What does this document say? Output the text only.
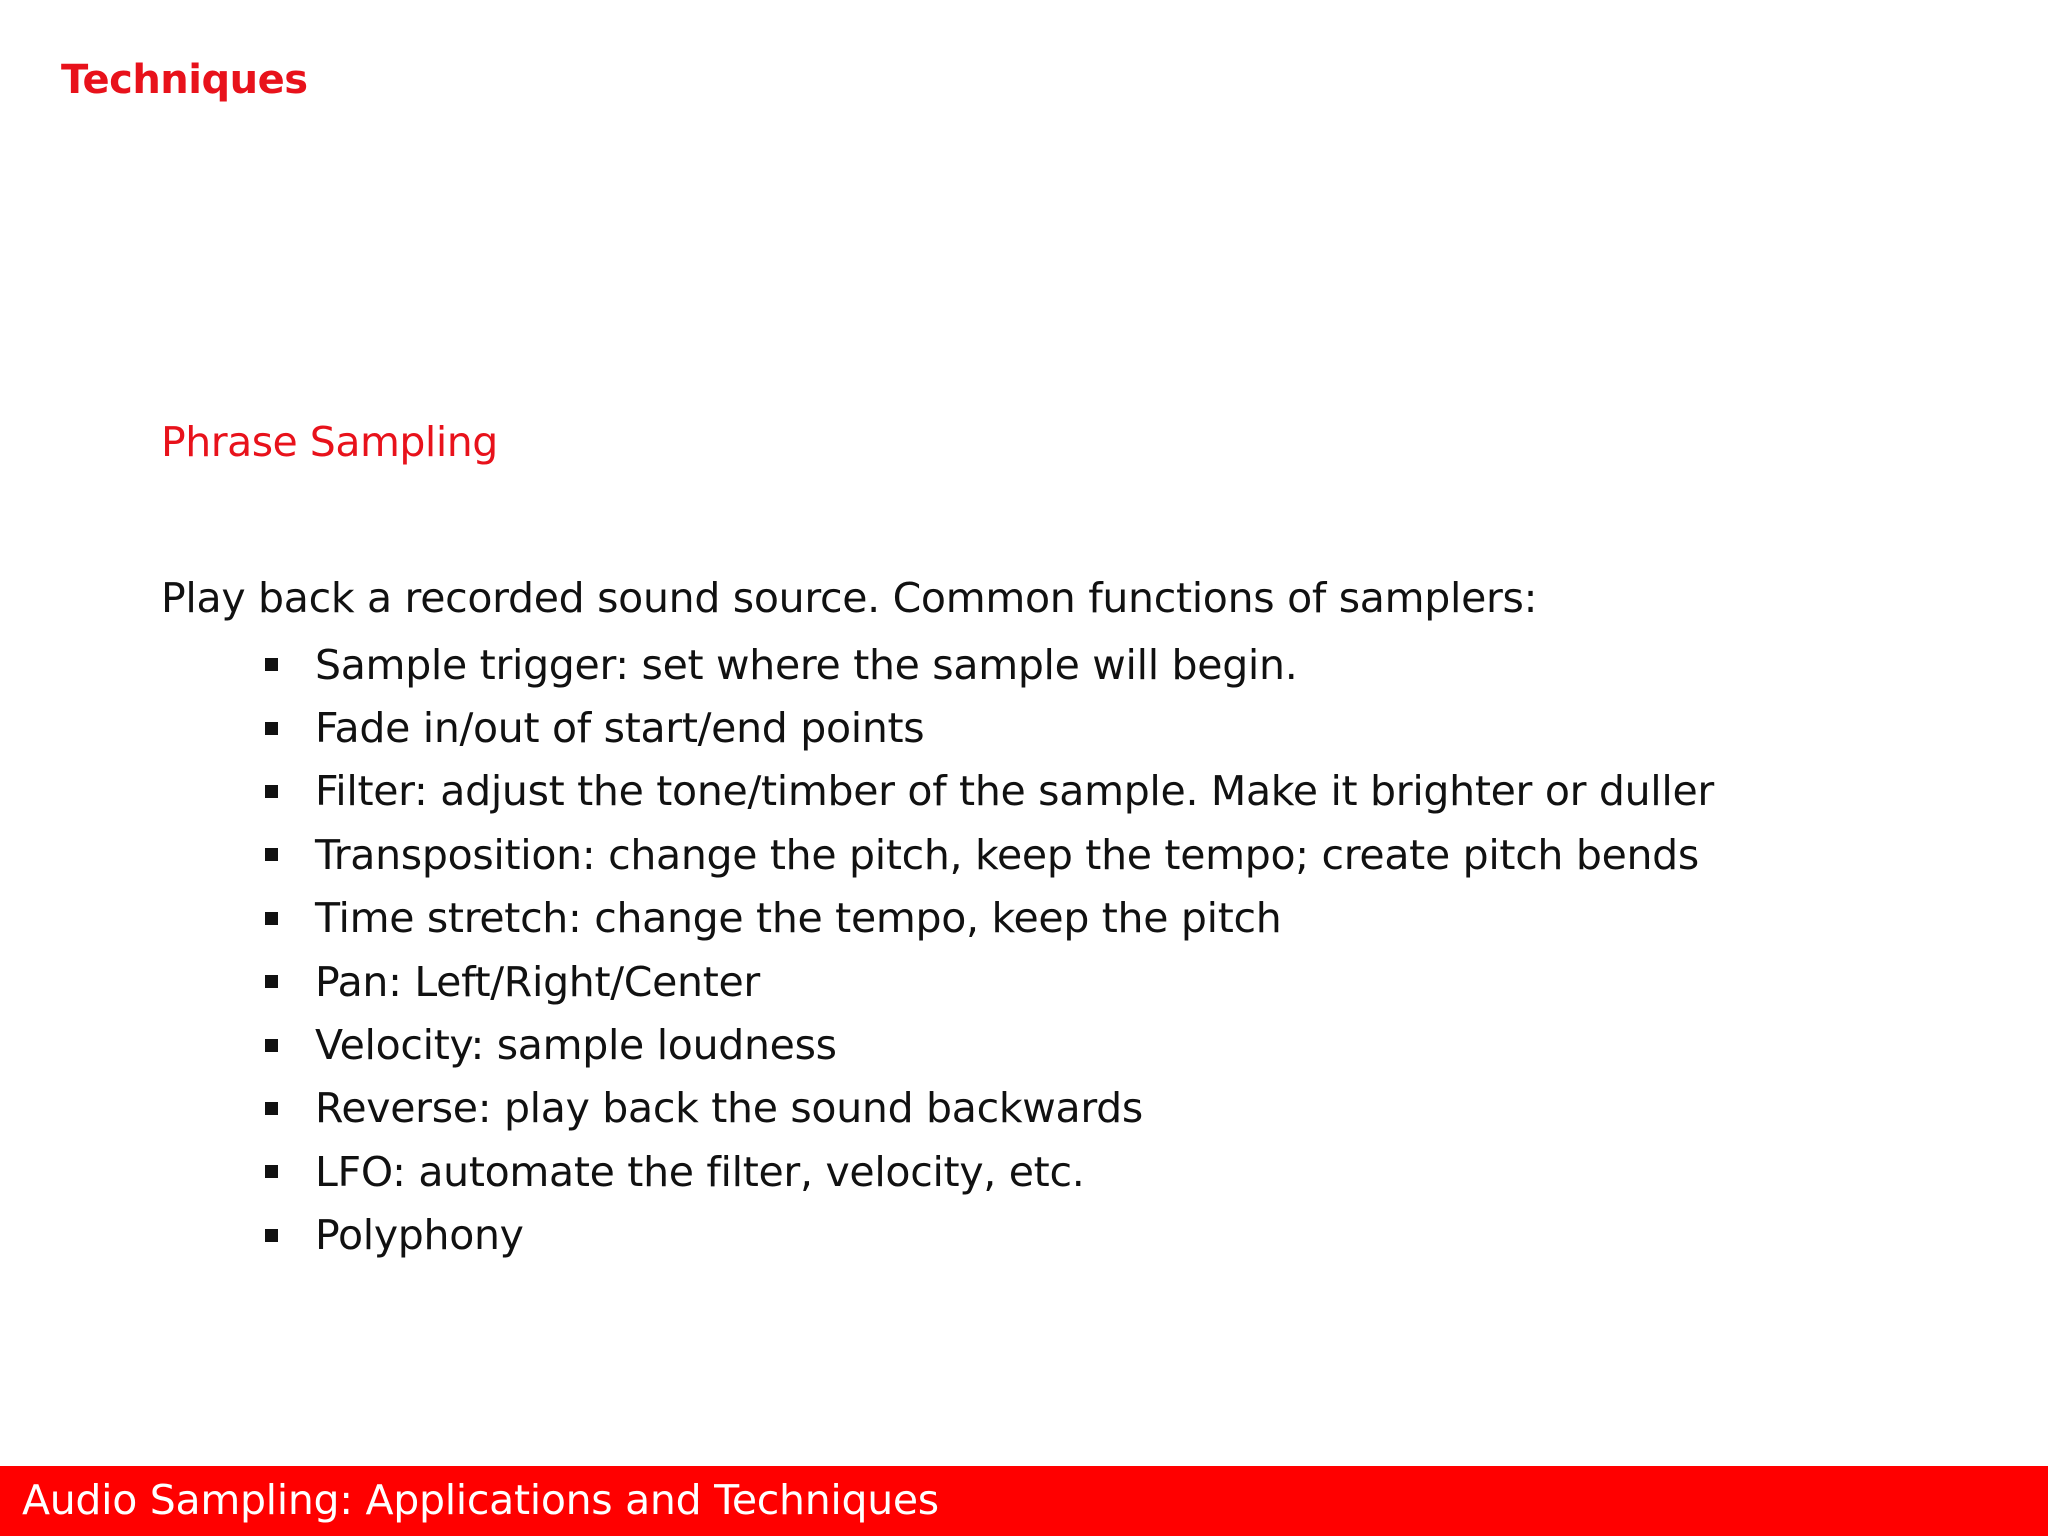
Techniques
Phrase Sampling

Play back a recorded sound source. Common functions of samplers:

Sample trigger: set where the sample will begin.
Fade in/out of start/end points
Filter: adjust the tone/timber of the sample. Make it brighter or duller
Transposition: change the pitch, keep the tempo; create pitch bends
Time stretch: change the tempo, keep the pitch
Pan: Left/Right/Center
Velocity: sample loudness
Reverse: play back the sound backwards
LFO: automate the filter, velocity, etc.
Polyphony
Audio Sampling: Applications and Techniques
